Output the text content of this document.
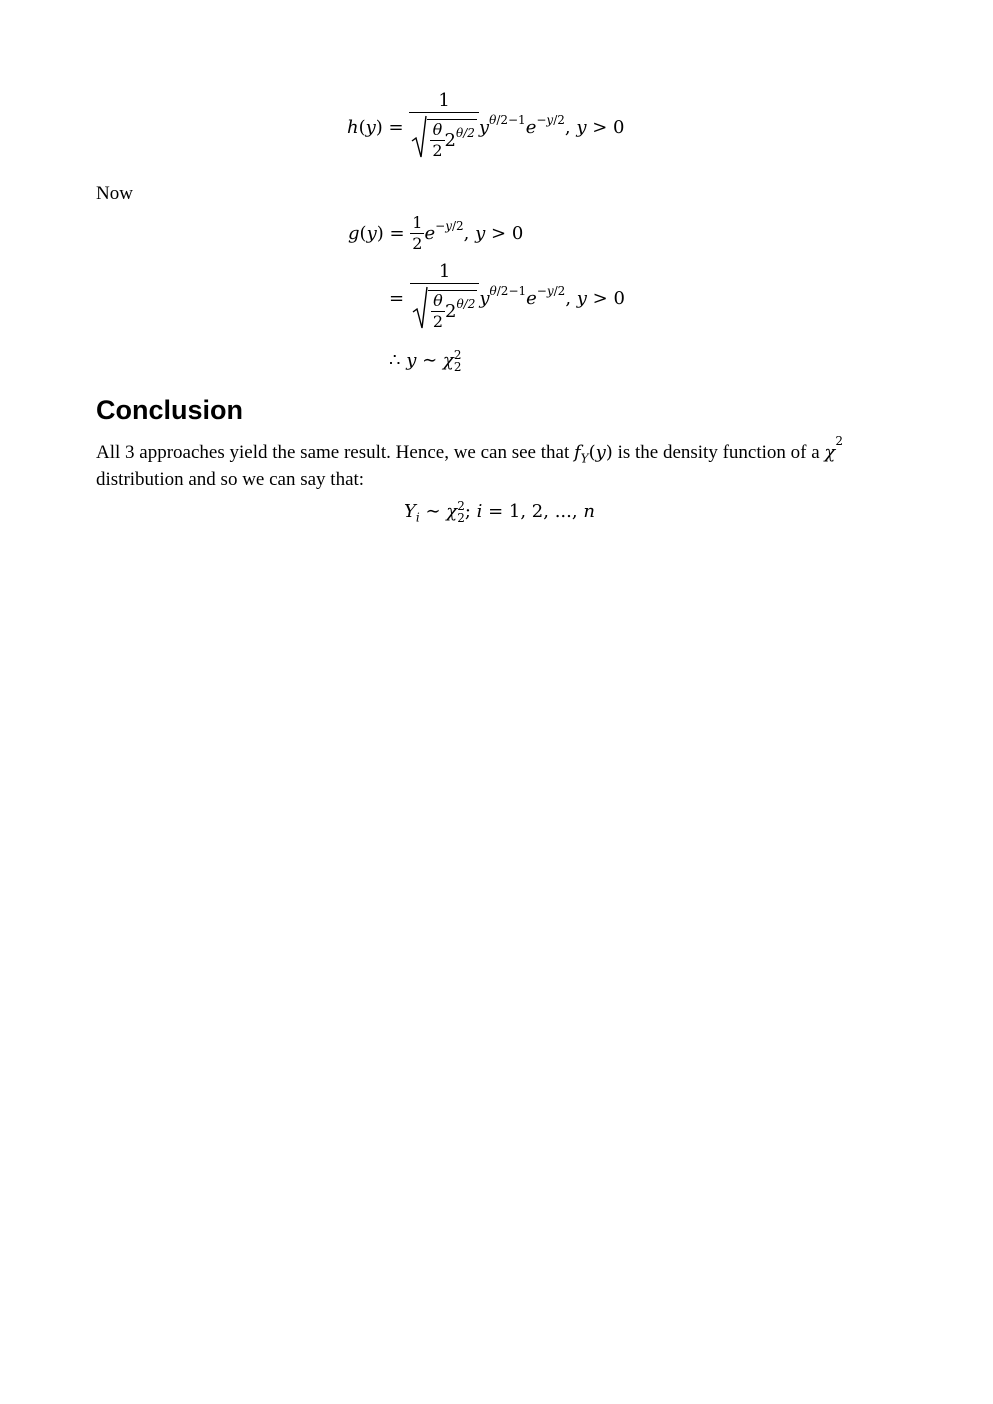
h ( y ) = $\frac{1}{\frac{\theta}{2} 2^{\theta/2}} y^{\theta/2-1}e^{-y/2}$, y > 0
Now
g ( y ) = $\frac{1}{2} e^{-y/2}$, y > 0
= $\frac{1}{\frac{\theta}{2} 2^{\theta/2}} y^{\theta/2-1}e^{-y/2}$, y > 0
∴ y ∼ χ 2
2
Conclusion
All 3 approaches yield the same result. Hence, we can see that $f_Y(y)$ is the density function of a $\chi^2$
distribution and so we can say that:
$Y_i$ ∼ χ 2
2 ; i = 1, 2, ..., n
